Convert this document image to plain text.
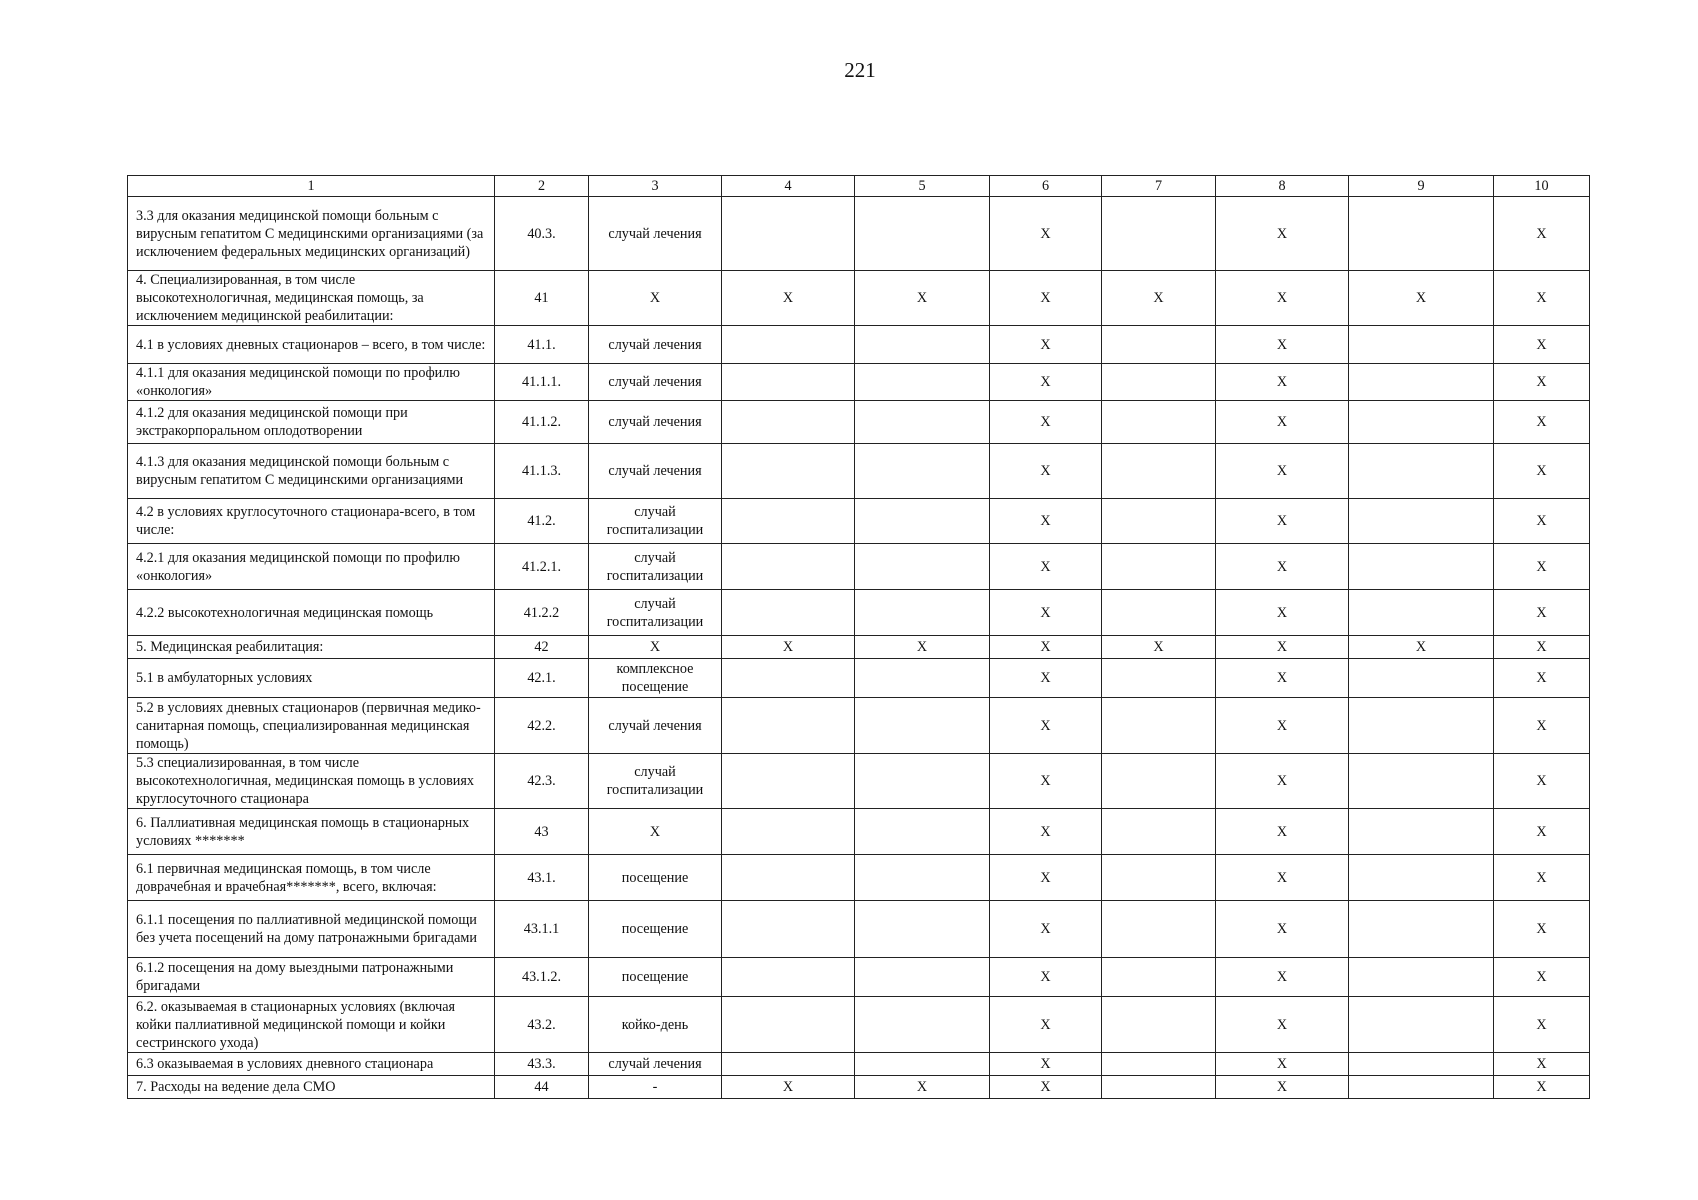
221
1	2	3	4	5	6	7	8	9	10
3.3 для оказания медицинской помощи больным с вирусным гепатитом С медицинскими организациями (за исключением федеральных медицинских организаций)	40.3.	случай лечения			X		X		X
4. Специализированная, в том числе высокотехнологичная, медицинская помощь, за исключением медицинской реабилитации:	41	X	X	X	X	X	X	X	X
4.1 в условиях дневных стационаров – всего, в том числе:	41.1.	случай лечения			X		X		X
4.1.1 для оказания медицинской помощи по профилю «онкология»	41.1.1.	случай лечения			X		X		X
4.1.2 для оказания медицинской помощи при экстракорпоральном оплодотворении	41.1.2.	случай лечения			X		X		X
4.1.3 для оказания медицинской помощи больным с вирусным гепатитом С медицинскими организациями	41.1.3.	случай лечения			X		X		X
4.2 в условиях круглосуточного стационара-всего, в том числе:	41.2.	случай госпитализации			X		X		X
4.2.1 для оказания медицинской помощи по профилю «онкология»	41.2.1.	случай госпитализации			X		X		X
4.2.2 высокотехнологичная медицинская помощь	41.2.2	случай госпитализации			X		X		X
5. Медицинская реабилитация:	42	X	X	X	X	X	X	X	X
5.1 в амбулаторных условиях	42.1.	комплексное посещение			X		X		X
5.2 в условиях дневных стационаров (первичная медико-санитарная помощь, специализированная медицинская помощь)	42.2.	случай лечения			X		X		X
5.3 специализированная, в том числе высокотехнологичная, медицинская помощь в условиях круглосуточного стационара	42.3.	случай госпитализации			X		X		X
6. Паллиативная медицинская помощь в стационарных условиях *******	43	X			X		X		X
6.1 первичная медицинская помощь, в том числе доврачебная и врачебная*******, всего, включая:	43.1.	посещение			X		X		X
6.1.1 посещения по паллиативной медицинской помощи без учета посещений на дому патронажными бригадами	43.1.1	посещение			X		X		X
6.1.2 посещения на дому выездными патронажными бригадами	43.1.2.	посещение			X		X		X
6.2. оказываемая в стационарных условиях (включая койки паллиативной медицинской помощи и койки сестринского ухода)	43.2.	койко-день			X		X		X
6.3 оказываемая в условиях дневного стационара	43.3.	случай лечения			X		X		X
7. Расходы на ведение дела СМО	44	-	X	X	X		X		X
